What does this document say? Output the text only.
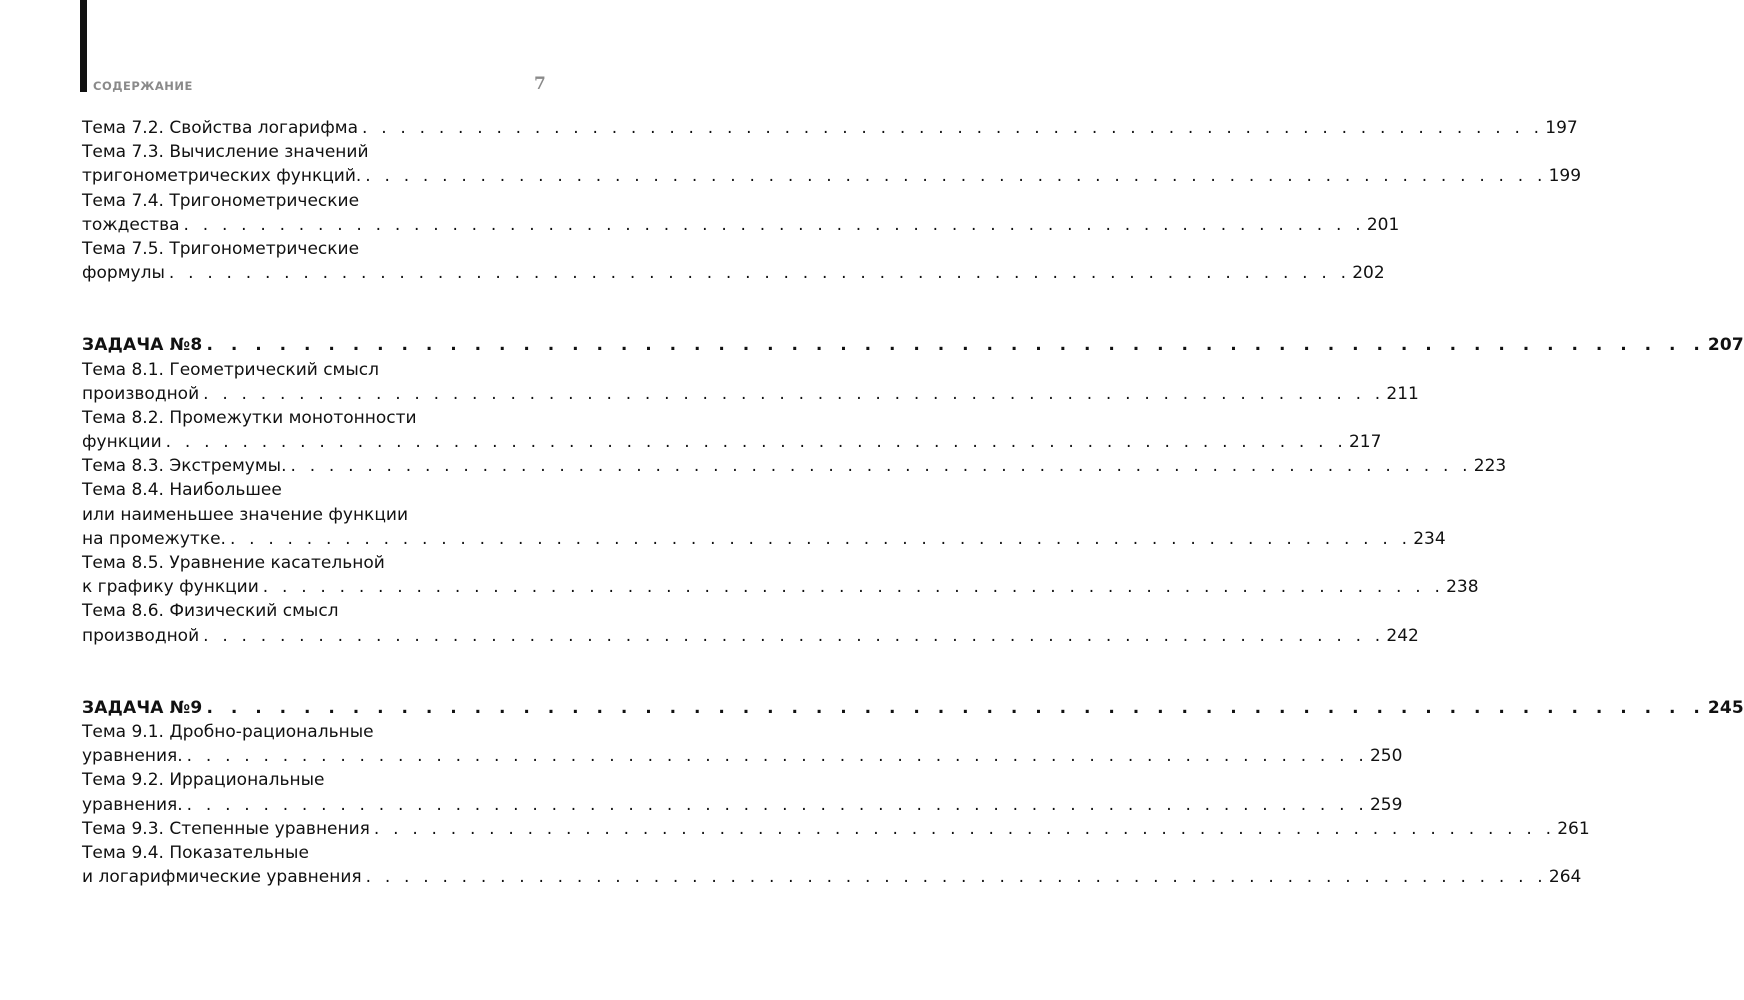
СОДЕРЖАНИЕ	7
Тема 7.2. Свойства логарифма . . . . . . . . . . . . . . . . . . . . . . . . . . . . . . . . . . . . . . . . . . . . . . . . . . . . . . . . . . . . . . 197
Тема 7.3. Вычисление значений
тригонометрических функций. . . . . . . . . . . . . . . . . . . . . . . . . . . . . . . . . . . . . . . . . . . . . . . . . . . . . . . . . . . . . . . 199
Тема 7.4. Тригонометрические
тождества . . . . . . . . . . . . . . . . . . . . . . . . . . . . . . . . . . . . . . . . . . . . . . . . . . . . . . . . . . . . . . 201
Тема 7.5. Тригонометрические
формулы . . . . . . . . . . . . . . . . . . . . . . . . . . . . . . . . . . . . . . . . . . . . . . . . . . . . . . . . . . . . . . 202
ЗАДАЧА №8 . . . . . . . . . . . . . . . . . . . . . . . . . . . . . . . . . . . . . . . . . . . . . . . . . . . . . . . . . . . . . . 207
Тема 8.1. Геометрический смысл
производной . . . . . . . . . . . . . . . . . . . . . . . . . . . . . . . . . . . . . . . . . . . . . . . . . . . . . . . . . . . . . . 211
Тема 8.2. Промежутки монотонности
функции . . . . . . . . . . . . . . . . . . . . . . . . . . . . . . . . . . . . . . . . . . . . . . . . . . . . . . . . . . . . . . 217
Тема 8.3. Экстремумы. . . . . . . . . . . . . . . . . . . . . . . . . . . . . . . . . . . . . . . . . . . . . . . . . . . . . . . . . . . . . . . 223
Тема 8.4. Наибольшее
или наименьшее значение функции
на промежутке. . . . . . . . . . . . . . . . . . . . . . . . . . . . . . . . . . . . . . . . . . . . . . . . . . . . . . . . . . . . . . . 234
Тема 8.5. Уравнение касательной
к графику функции . . . . . . . . . . . . . . . . . . . . . . . . . . . . . . . . . . . . . . . . . . . . . . . . . . . . . . . . . . . . . . 238
Тема 8.6. Физический смысл
производной . . . . . . . . . . . . . . . . . . . . . . . . . . . . . . . . . . . . . . . . . . . . . . . . . . . . . . . . . . . . . . 242
ЗАДАЧА №9 . . . . . . . . . . . . . . . . . . . . . . . . . . . . . . . . . . . . . . . . . . . . . . . . . . . . . . . . . . . . . . 245
Тема 9.1. Дробно-рациональные
уравнения. . . . . . . . . . . . . . . . . . . . . . . . . . . . . . . . . . . . . . . . . . . . . . . . . . . . . . . . . . . . . . . 250
Тема 9.2. Иррациональные
уравнения. . . . . . . . . . . . . . . . . . . . . . . . . . . . . . . . . . . . . . . . . . . . . . . . . . . . . . . . . . . . . . . 259
Тема 9.3. Степенные уравнения . . . . . . . . . . . . . . . . . . . . . . . . . . . . . . . . . . . . . . . . . . . . . . . . . . . . . . . . . . . . . . 261
Тема 9.4. Показательные
и логарифмические уравнения . . . . . . . . . . . . . . . . . . . . . . . . . . . . . . . . . . . . . . . . . . . . . . . . . . . . . . . . . . . . . . 264
